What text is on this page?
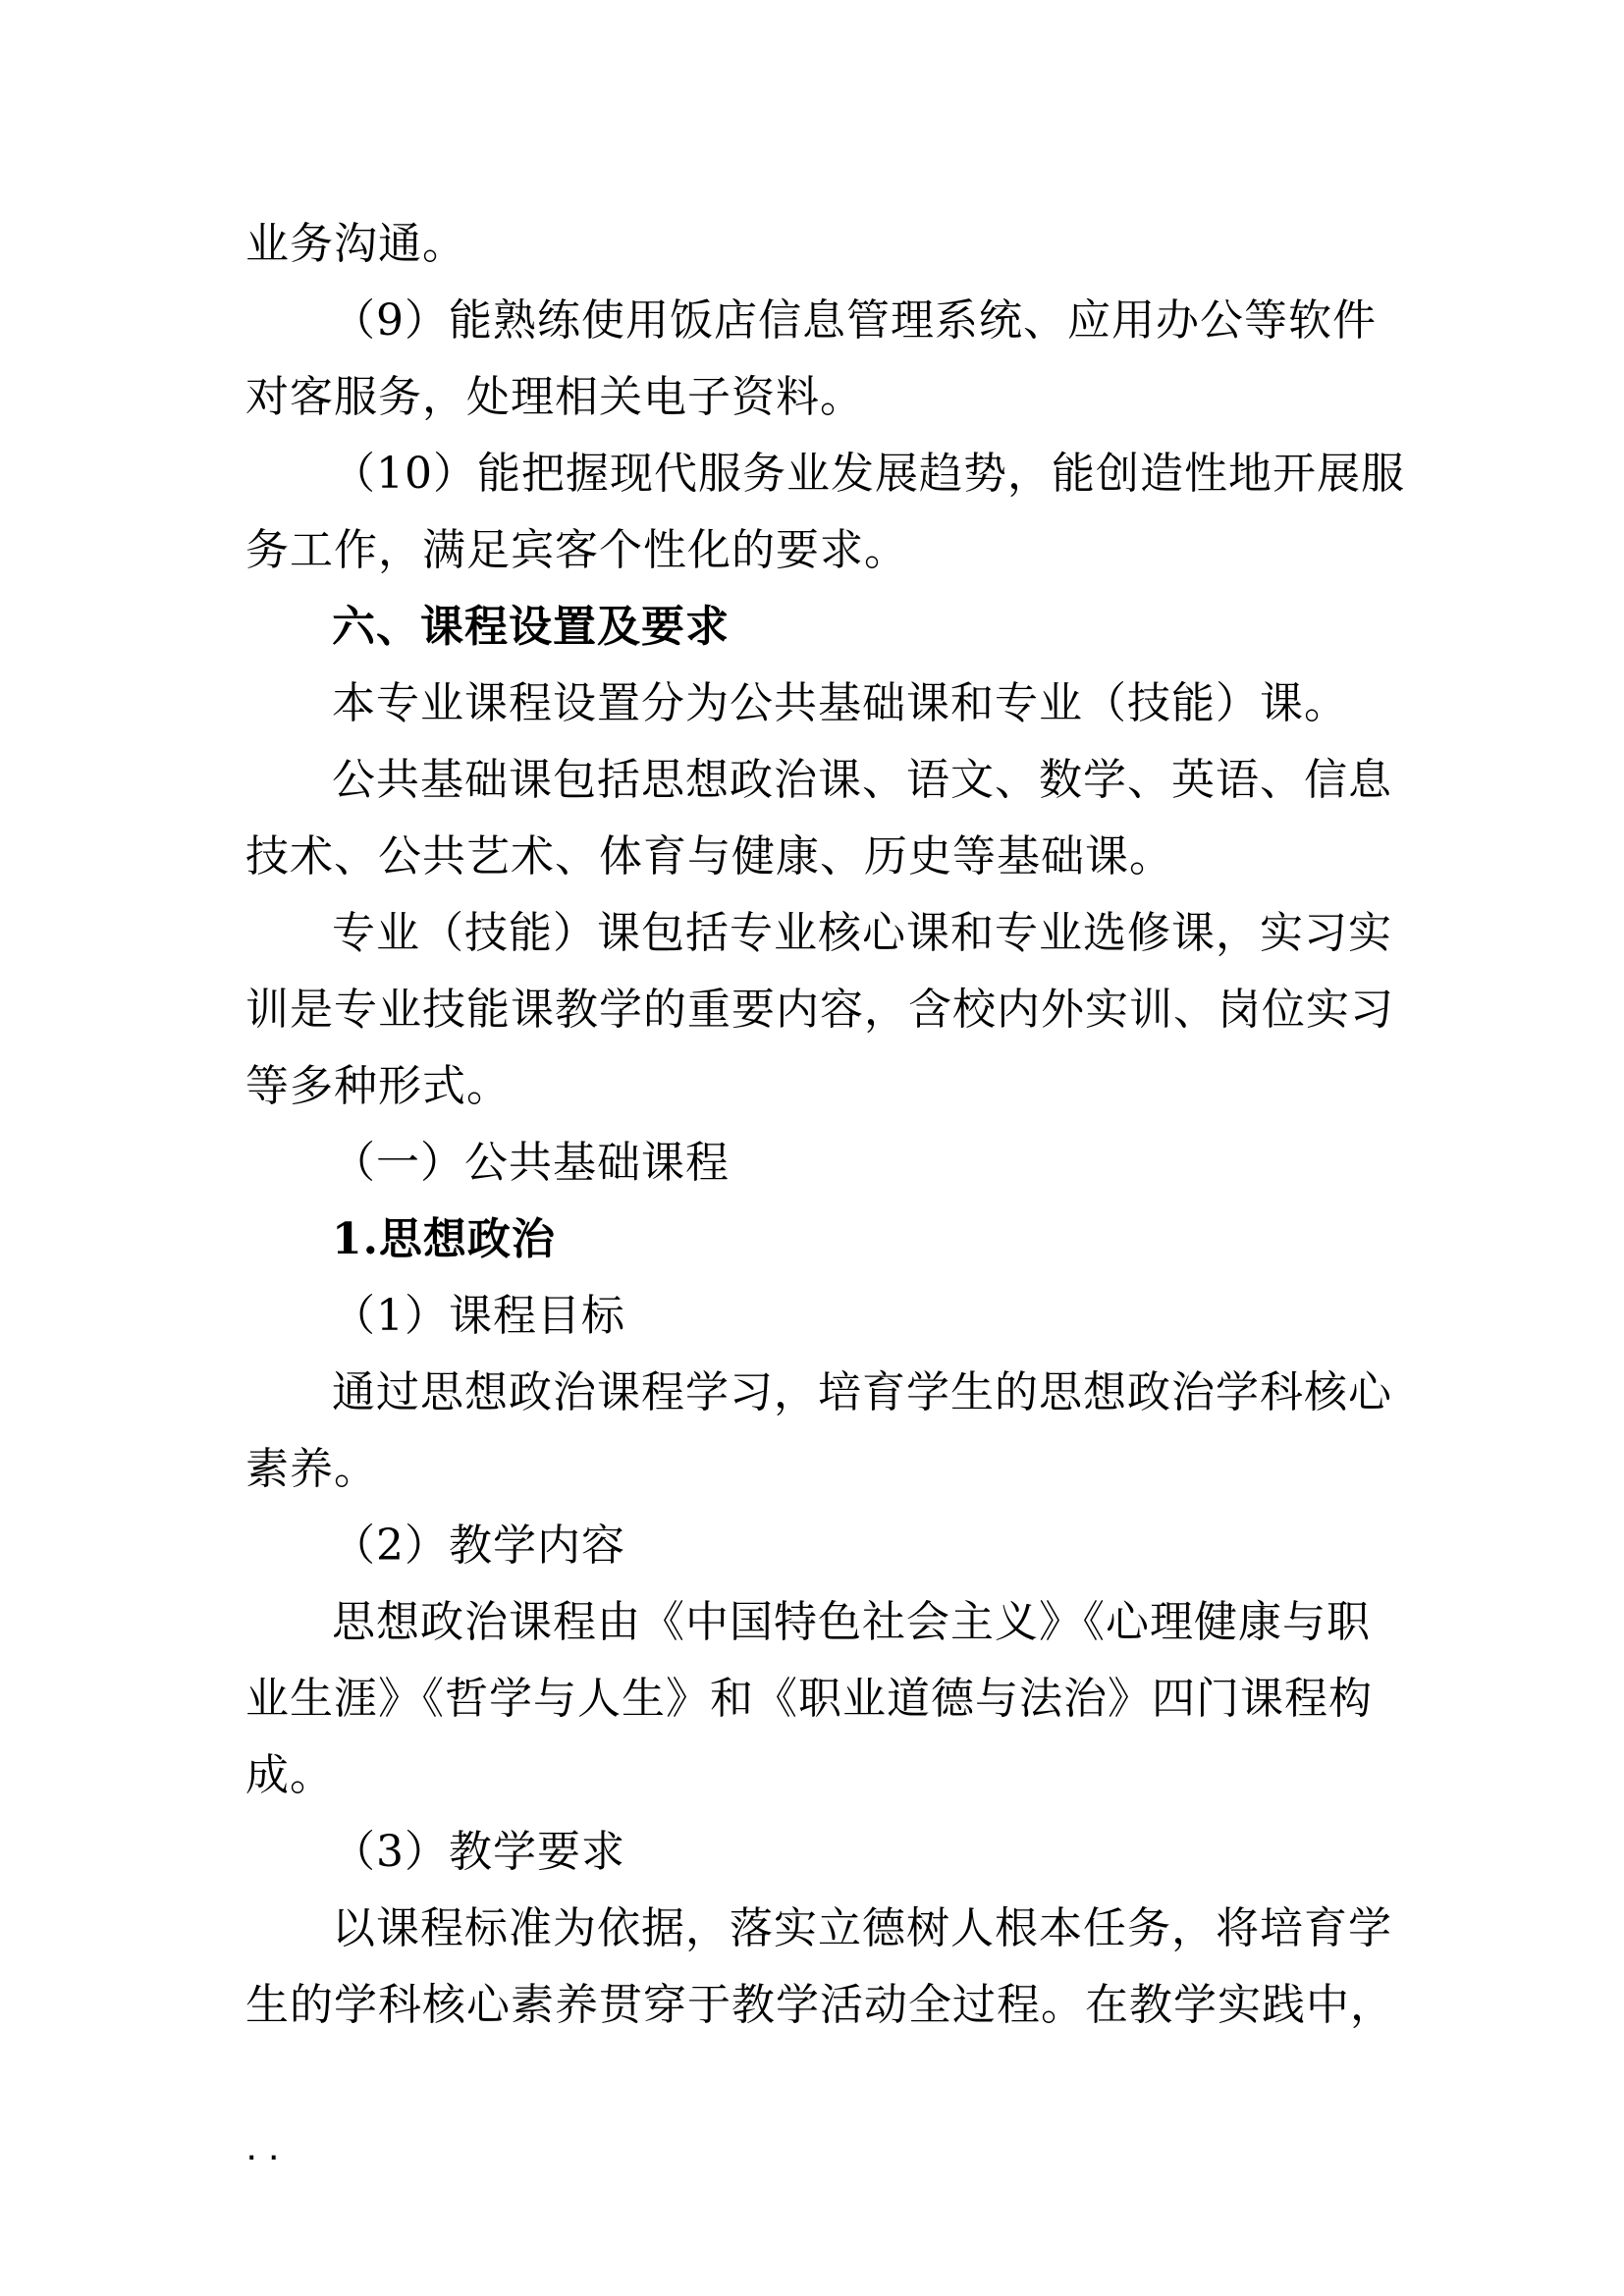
业务沟通。
（9）能熟练使用饭店信息管理系统、应用办公等软件
对客服务，处理相关电子资料。
（10）能把握现代服务业发展趋势，能创造性地开展服
务工作，满足宾客个性化的要求。
六、课程设置及要求
本专业课程设置分为公共基础课和专业（技能）课。
公共基础课包括思想政治课、语文、数学、英语、信息
技术、公共艺术、体育与健康、历史等基础课。
专业（技能）课包括专业核心课和专业选修课，实习实
训是专业技能课教学的重要内容，含校内外实训、岗位实习
等多种形式。
（一）公共基础课程
1.思想政治
（1）课程目标
通过思想政治课程学习，培育学生的思想政治学科核心
素养。
（2）教学内容
思想政治课程由《中国特色社会主义》《心理健康与职
业生涯》《哲学与人生》和《职业道德与法治》四门课程构
成。
（3）教学要求
以课程标准为依据，落实立德树人根本任务，将培育学
生的学科核心素养贯穿于教学活动全过程。在教学实践中，
..
